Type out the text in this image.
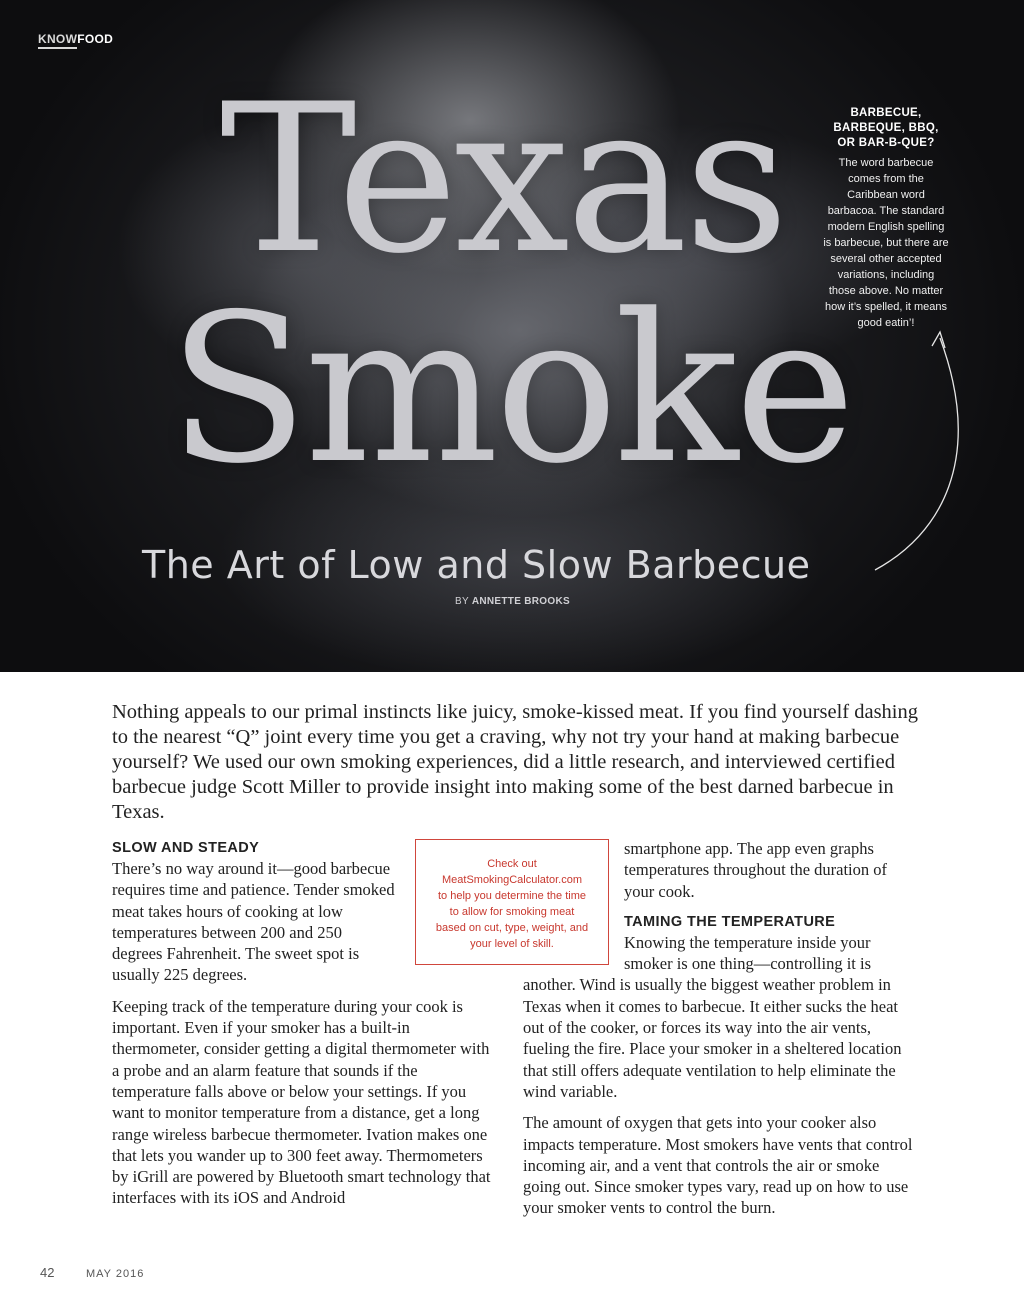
KNOWFOOD
Texas
Smoke
The Art of Low and Slow Barbecue
BY ANNETTE BROOKS
BARBECUE,
BARBEQUE, BBQ,
OR BAR-B-QUE?
The word barbecue
comes from the
Caribbean word
barbacoa. The standard
modern English spelling
is barbecue, but there are
several other accepted
variations, including
those above. No matter
how it’s spelled, it means
good eatin’!
Nothing appeals to our primal instincts like juicy, smoke-kissed meat. If you find yourself dashing to the nearest “Q” joint every time you get a craving, why not try your hand at making barbecue yourself? We used our own smoking experiences, did a little research, and interviewed certified barbecue judge Scott Miller to provide insight into making some of the best darned barbecue in Texas.
SLOW AND STEADY

There’s no way around it—good barbecue requires time and patience. Tender smoked meat takes hours of cooking at low temperatures between 200 and 250 degrees Fahrenheit. The sweet spot is usually 225 degrees.

Keeping track of the temperature during your cook is important. Even if your smoker has a built-in thermometer, consider getting a digital thermometer with a probe and an alarm feature that sounds if the temperature falls above or below your settings. If you want to monitor temperature from a distance, get a long range wireless barbecue thermometer. Ivation makes one that lets you wander up to 300 feet away. Thermometers by iGrill are powered by Bluetooth smart technology that interfaces with its iOS and Android

Check out
MeatSmokingCalculator.com
to help you determine the time
to allow for smoking meat
based on cut, type, weight, and
your level of skill.

smartphone app. The app even graphs temperatures throughout the duration of your cook.

TAMING THE TEMPERATURE
Knowing the temperature inside your smoker is one thing—controlling it is

another. Wind is usually the biggest weather problem in Texas when it comes to barbecue. It either sucks the heat out of the cooker, or forces its way into the air vents, fueling the fire. Place your smoker in a sheltered location that still offers adequate ventilation to help eliminate the wind variable.

The amount of oxygen that gets into your cooker also impacts temperature. Most smokers have vents that control incoming air, and a vent that controls the air or smoke going out. Since smoker types vary, read up on how to use your smoker vents to control the burn.

42	MAY 2016
